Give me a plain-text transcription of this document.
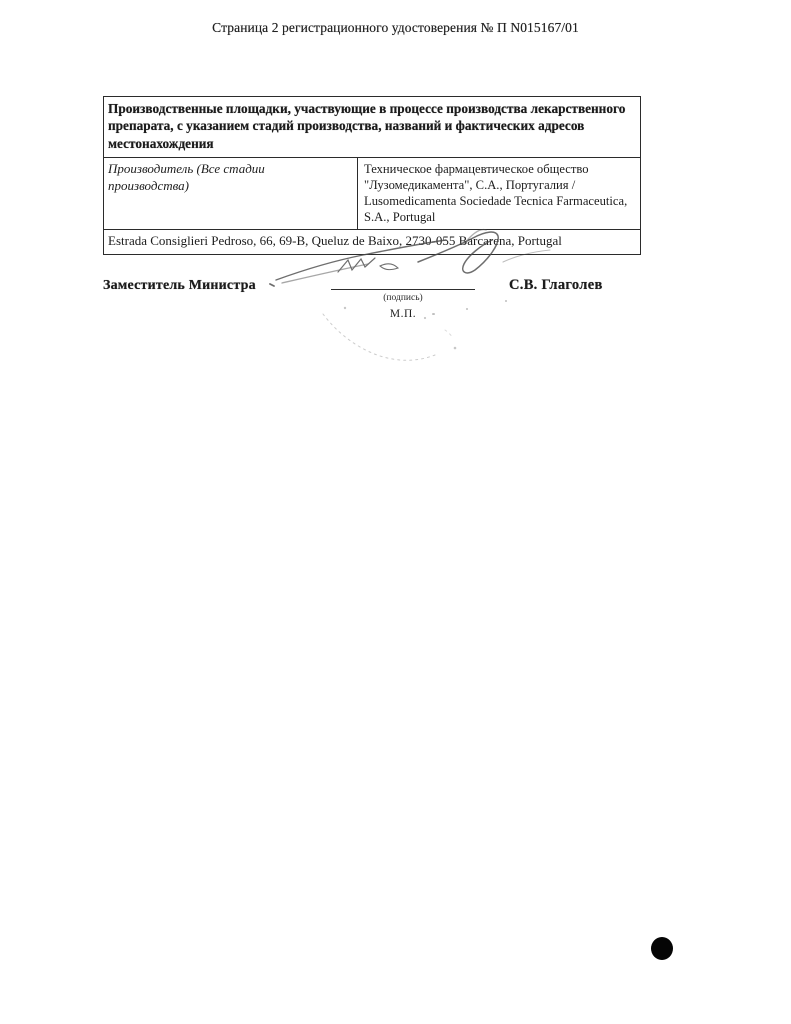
Страница 2 регистрационного удостоверения № П N015167/01
Производственные площадки, участвующие в процессе производства лекарственного препарата, с указанием стадий производства, названий и фактических адресов местонахождения
Производитель (Все стадии производства)
Техническое фармацевтическое общество "Лузомедикамента", С.А., Португалия / Lusomedicamenta Sociedade Tecnica Farmaceutica, S.A., Portugal
Estrada Consiglieri Pedroso, 66, 69-B, Queluz de Baixo, 2730-055 Barcarena, Portugal
Заместитель Министра
(подпись)
М.П.
С.В. Глаголев
